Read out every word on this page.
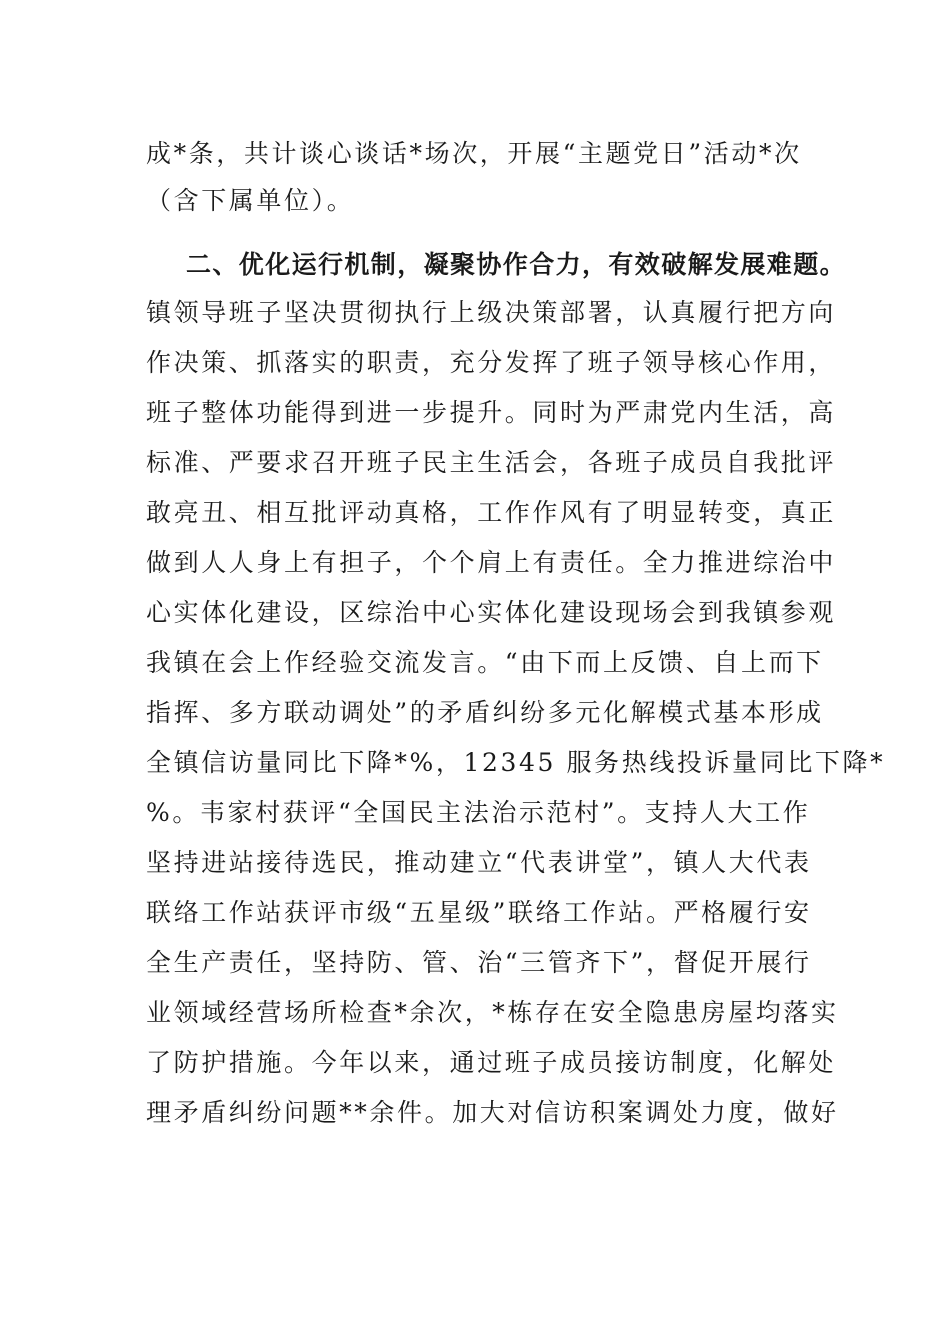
成*条，共计谈心谈话*场次，开展“主题党日”活动*次
（含下属单位）。
二、优化运行机制，凝聚协作合力，有效破解发展难题。
镇领导班子坚决贯彻执行上级决策部署，认真履行把方向
作决策、抓落实的职责，充分发挥了班子领导核心作用，
班子整体功能得到进一步提升。同时为严肃党内生活，高
标准、严要求召开班子民主生活会，各班子成员自我批评
敢亮丑、相互批评动真格，工作作风有了明显转变，真正
做到人人身上有担子，个个肩上有责任。全力推进综治中
心实体化建设，区综治中心实体化建设现场会到我镇参观
我镇在会上作经验交流发言。“由下而上反馈、自上而下
指挥、多方联动调处”的矛盾纠纷多元化解模式基本形成
全镇信访量同比下降*%，12345 服务热线投诉量同比下降*
%。韦家村获评“全国民主法治示范村”。支持人大工作
坚持进站接待选民，推动建立“代表讲堂”，镇人大代表
联络工作站获评市级“五星级”联络工作站。严格履行安
全生产责任，坚持防、管、治“三管齐下”，督促开展行
业领域经营场所检查*余次，*栋存在安全隐患房屋均落实
了防护措施。今年以来，通过班子成员接访制度，化解处
理矛盾纠纷问题**余件。加大对信访积案调处力度，做好
